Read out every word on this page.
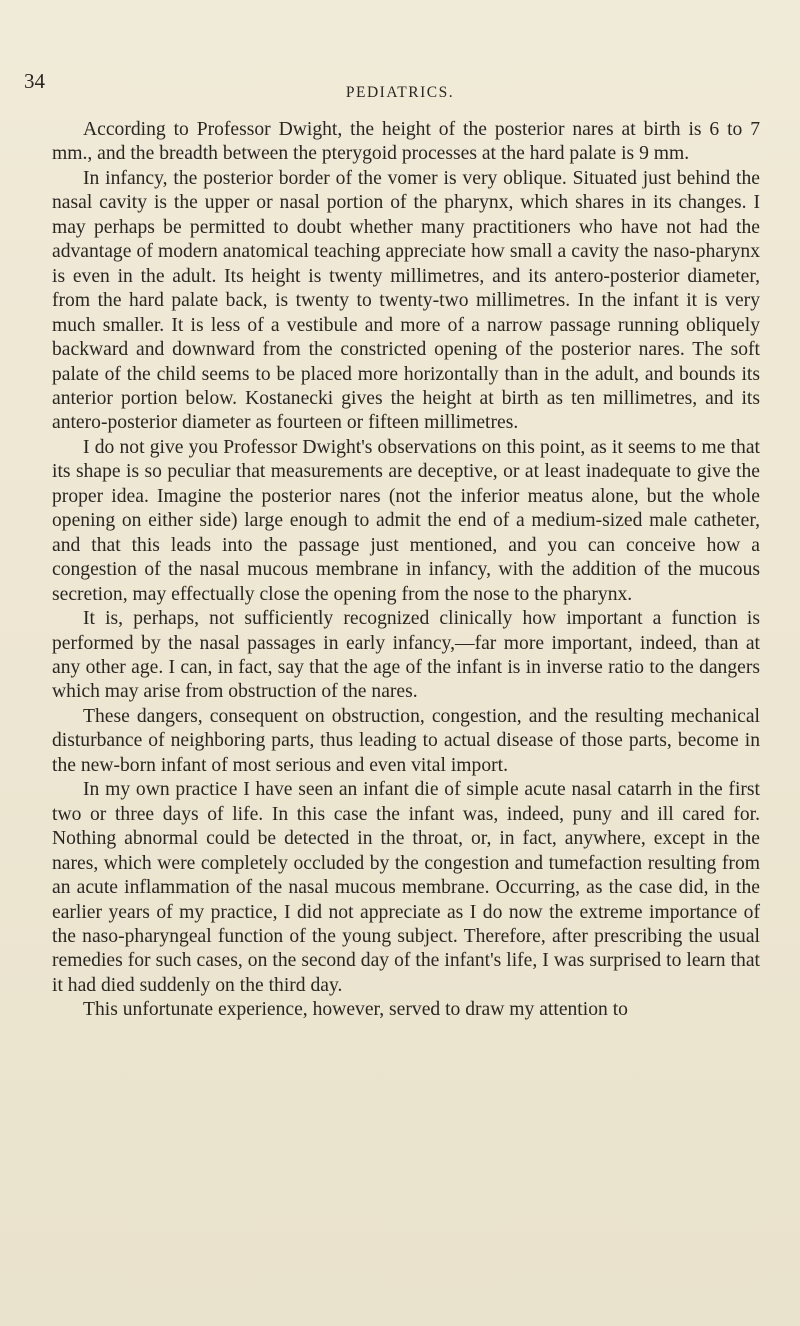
34	PEDIATRICS.

According to Professor Dwight, the height of the posterior nares at birth is 6 to 7 mm., and the breadth between the pterygoid processes at the hard palate is 9 mm.

In infancy, the posterior border of the vomer is very oblique. Situated just behind the nasal cavity is the upper or nasal portion of the pharynx, which shares in its changes. I may perhaps be permitted to doubt whether many practitioners who have not had the advantage of modern anatomical teaching appreciate how small a cavity the naso-pharynx is even in the adult. Its height is twenty millimetres, and its antero-posterior diameter, from the hard palate back, is twenty to twenty-two millimetres. In the infant it is very much smaller. It is less of a vestibule and more of a narrow passage running obliquely backward and downward from the constricted opening of the posterior nares. The soft palate of the child seems to be placed more horizontally than in the adult, and bounds its anterior portion below. Kostanecki gives the height at birth as ten millimetres, and its antero-posterior diameter as fourteen or fifteen millimetres.

I do not give you Professor Dwight's observations on this point, as it seems to me that its shape is so peculiar that measurements are deceptive, or at least inadequate to give the proper idea. Imagine the posterior nares (not the inferior meatus alone, but the whole opening on either side) large enough to admit the end of a medium-sized male catheter, and that this leads into the passage just mentioned, and you can conceive how a congestion of the nasal mucous membrane in infancy, with the addition of the mucous secretion, may effectually close the opening from the nose to the pharynx.

It is, perhaps, not sufficiently recognized clinically how important a function is performed by the nasal passages in early infancy,—far more important, indeed, than at any other age. I can, in fact, say that the age of the infant is in inverse ratio to the dangers which may arise from obstruction of the nares.

These dangers, consequent on obstruction, congestion, and the resulting mechanical disturbance of neighboring parts, thus leading to actual disease of those parts, become in the new-born infant of most serious and even vital import.

In my own practice I have seen an infant die of simple acute nasal catarrh in the first two or three days of life. In this case the infant was, indeed, puny and ill cared for. Nothing abnormal could be detected in the throat, or, in fact, anywhere, except in the nares, which were completely occluded by the congestion and tumefaction resulting from an acute inflammation of the nasal mucous membrane. Occurring, as the case did, in the earlier years of my practice, I did not appreciate as I do now the extreme importance of the naso-pharyngeal function of the young subject. Therefore, after prescribing the usual remedies for such cases, on the second day of the infant's life, I was surprised to learn that it had died suddenly on the third day.

This unfortunate experience, however, served to draw my attention to
